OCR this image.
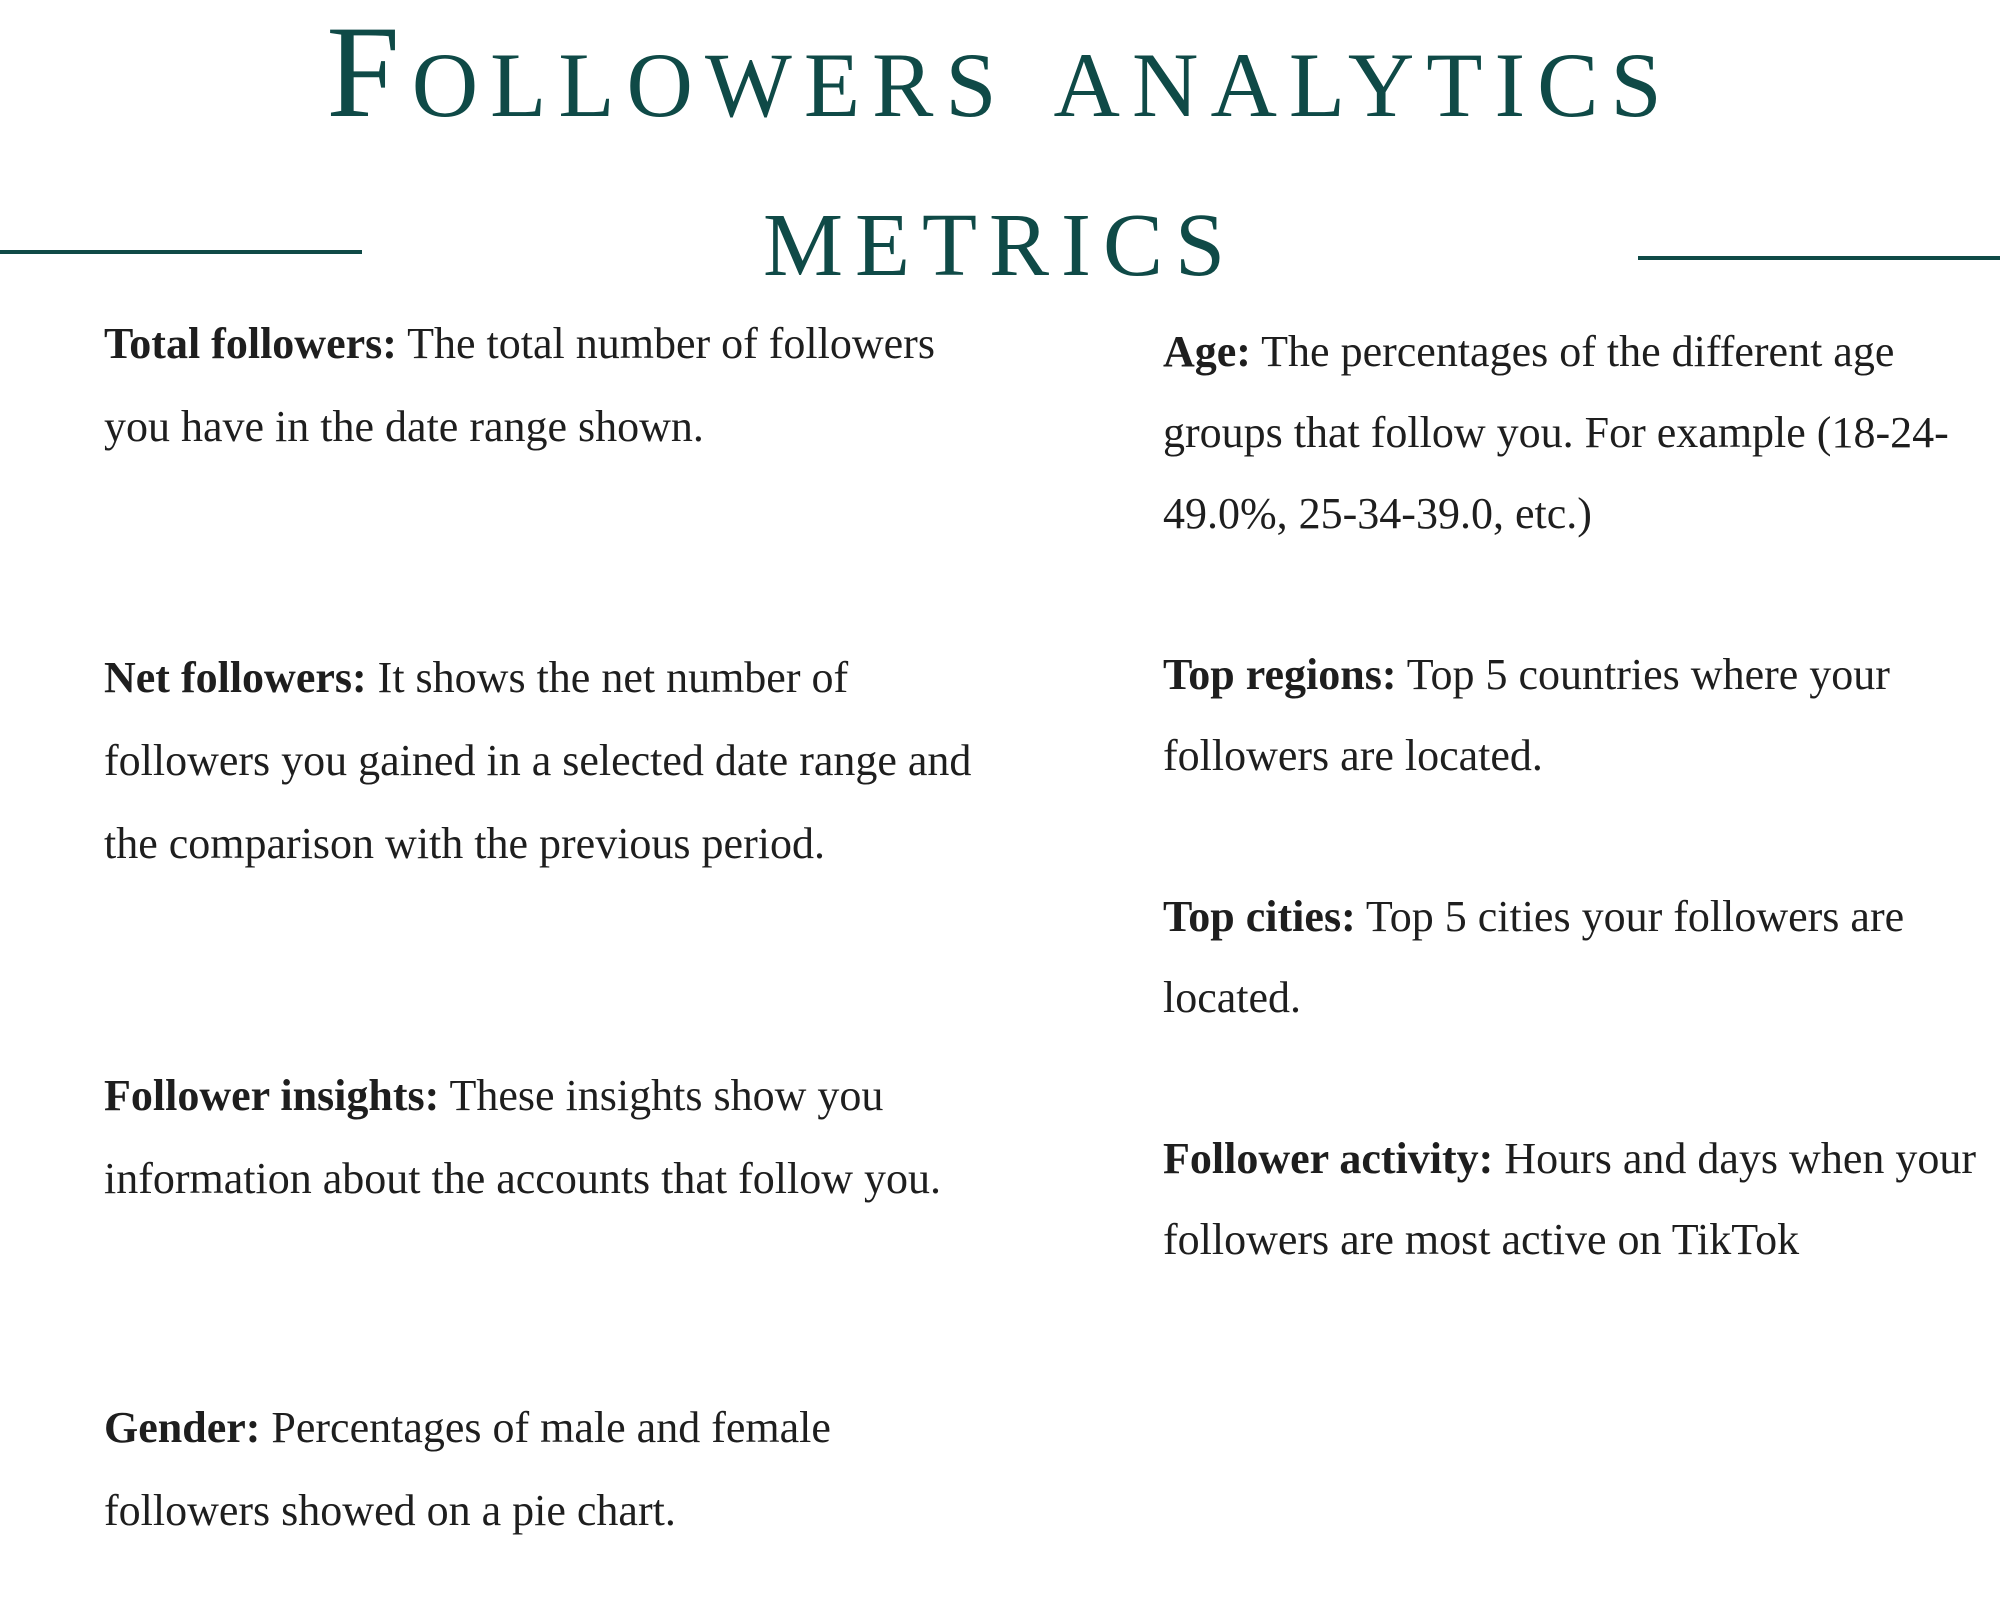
Followers analytics
metrics

Total followers: The total number of followers you have in the date range shown.

Net followers: It shows the net number of followers you gained in a selected date range and the comparison with the previous period.

Follower insights: These insights show you information about the accounts that follow you.

Gender: Percentages of male and female followers showed on a pie chart.

Age: The percentages of the different age groups that follow you. For example (18-24-49.0%, 25-34-39.0, etc.)

Top regions: Top 5 countries where your followers are located.

Top cities: Top 5 cities your followers are located.

Follower activity: Hours and days when your followers are most active on TikTok
